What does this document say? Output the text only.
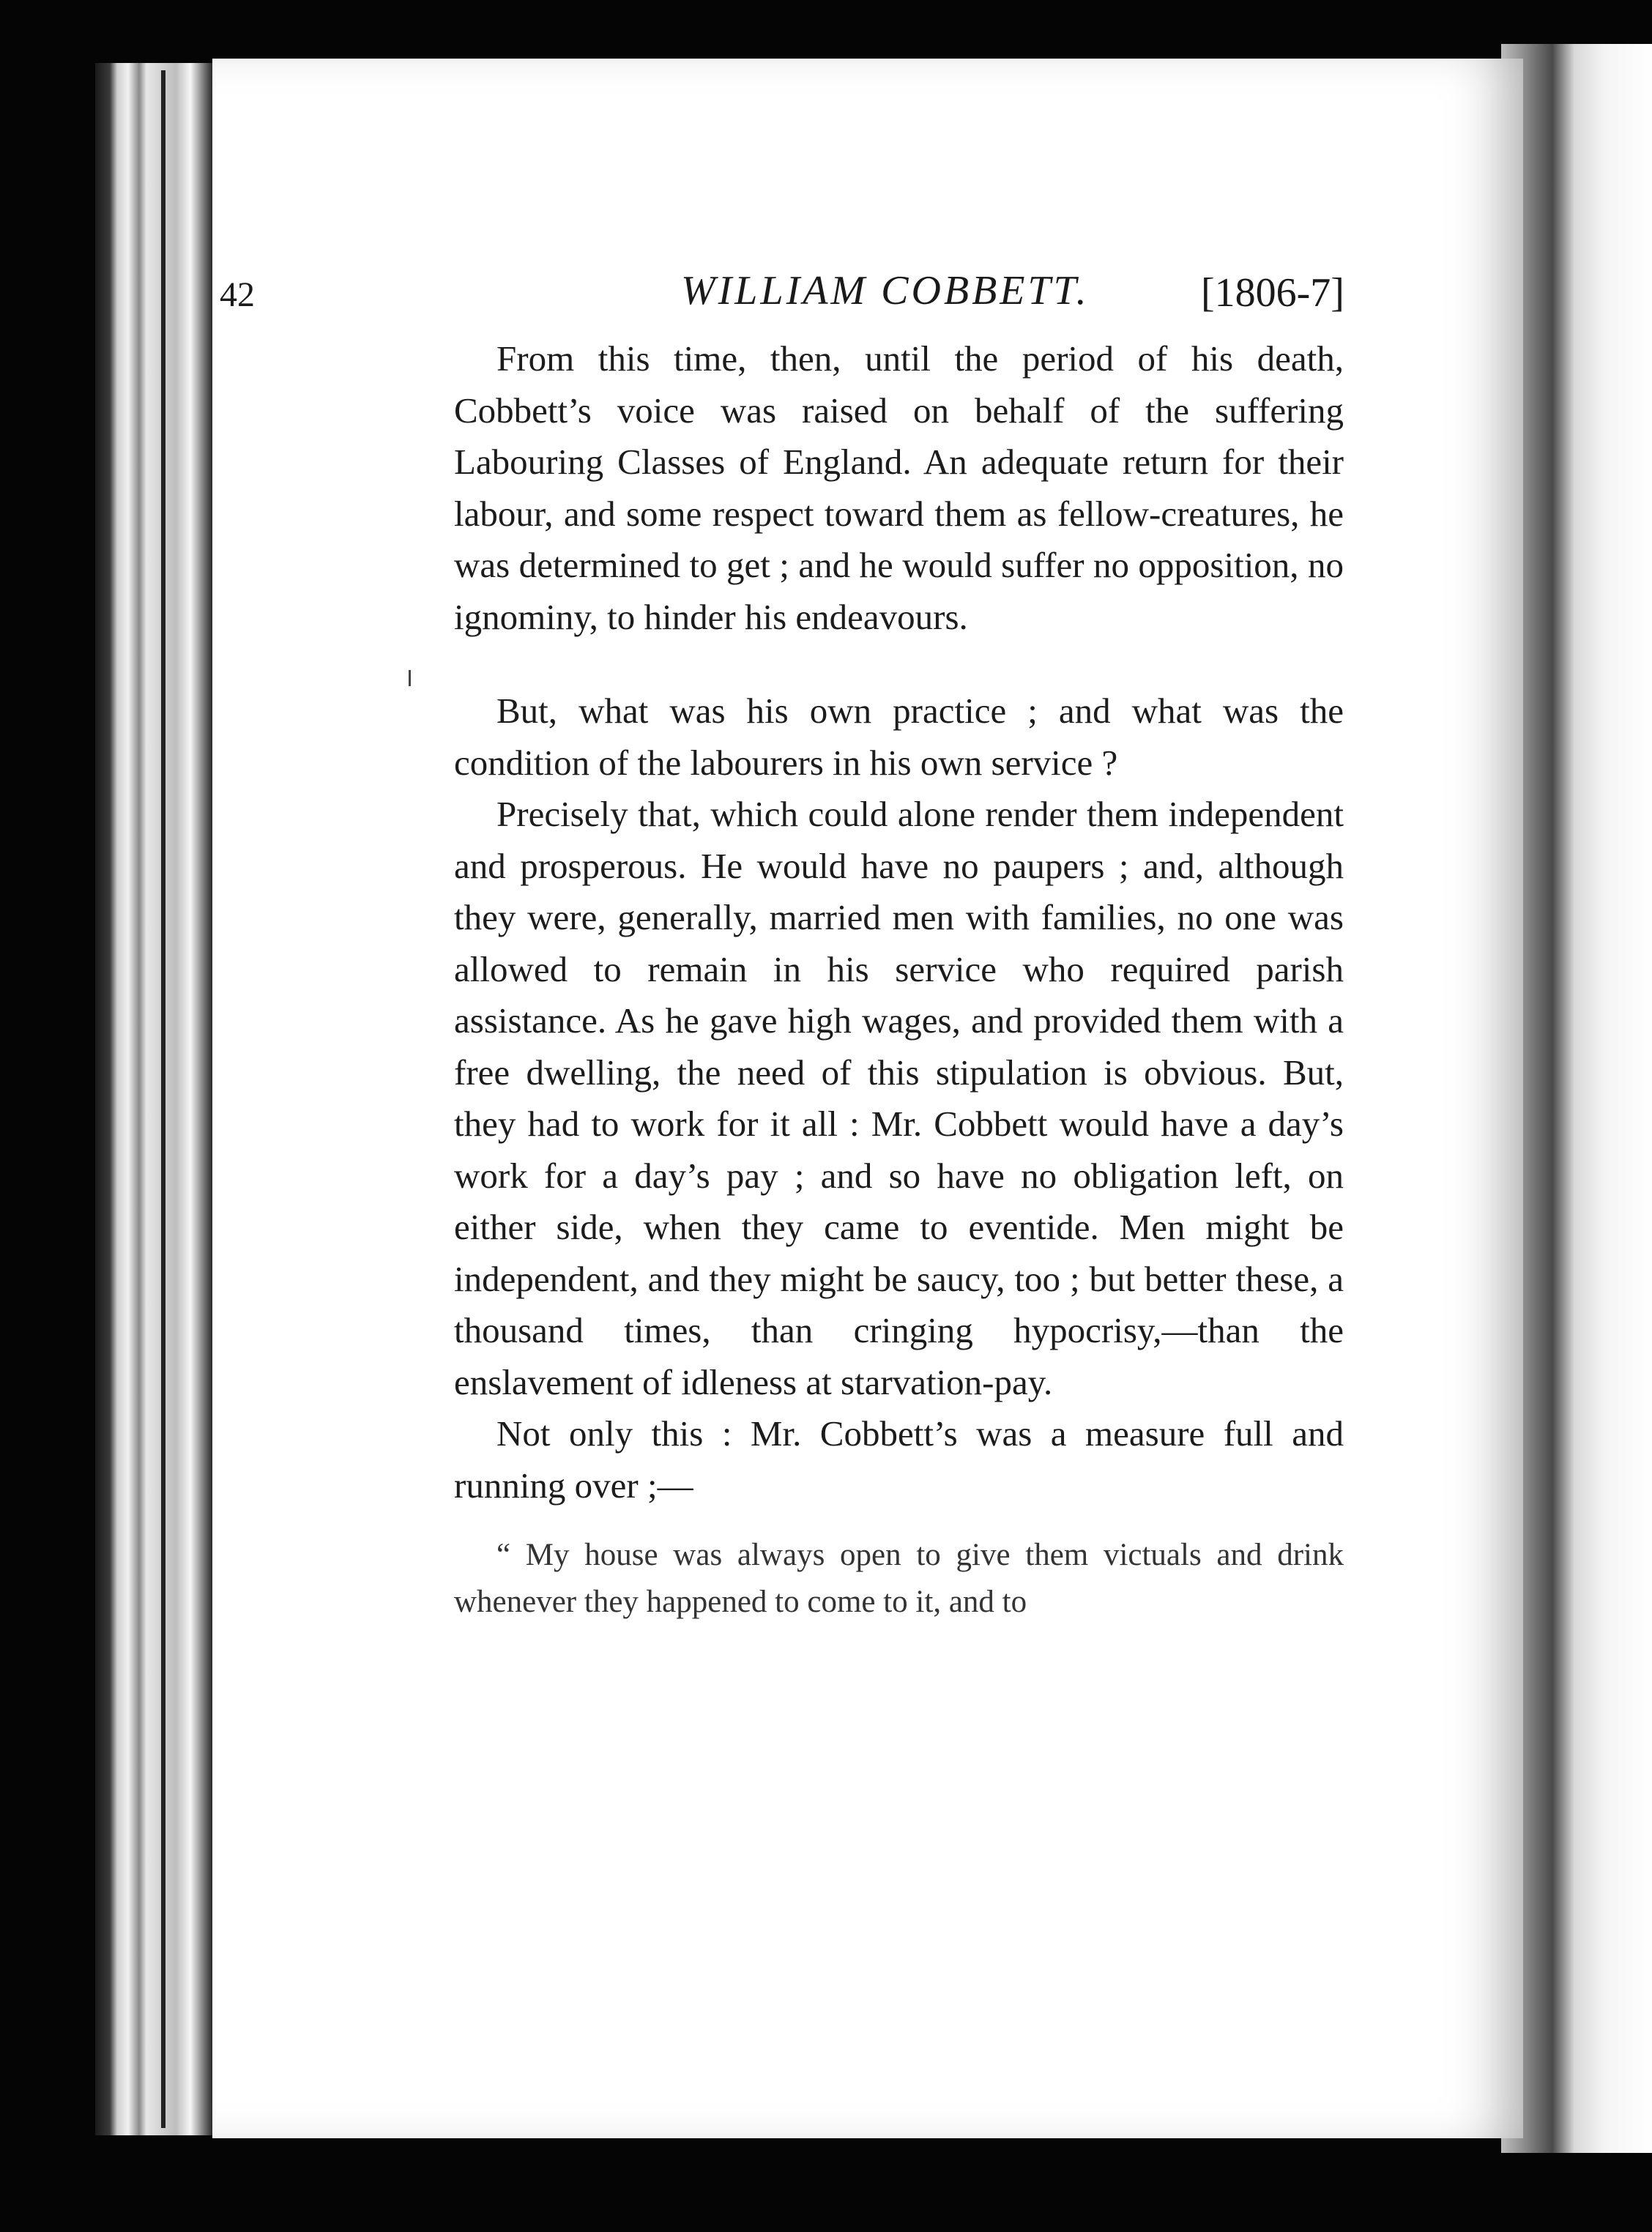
42	WILLIAM COBBETT.	[1806-7]

From this time, then, until the period of his death, Cobbett’s voice was raised on behalf of the suffering Labouring Classes of England. An adequate return for their labour, and some respect toward them as fellow-creatures, he was determined to get ; and he would suffer no opposition, no ignominy, to hinder his endeavours.

But, what was his own practice ; and what was the condition of the labourers in his own service ?

Precisely that, which could alone render them independent and prosperous. He would have no paupers ; and, although they were, generally, married men with families, no one was allowed to remain in his service who required parish assistance. As he gave high wages, and provided them with a free dwelling, the need of this stipulation is obvious. But, they had to work for it all : Mr. Cobbett would have a day’s work for a day’s pay ; and so have no obligation left, on either side, when they came to eventide. Men might be independent, and they might be saucy, too ; but better these, a thousand times, than cringing hypocrisy,—than the enslavement of idleness at starvation-pay.

Not only this : Mr. Cobbett’s was a measure full and running over ;—

“ My house was always open to give them victuals and drink whenever they happened to come to it, and to
